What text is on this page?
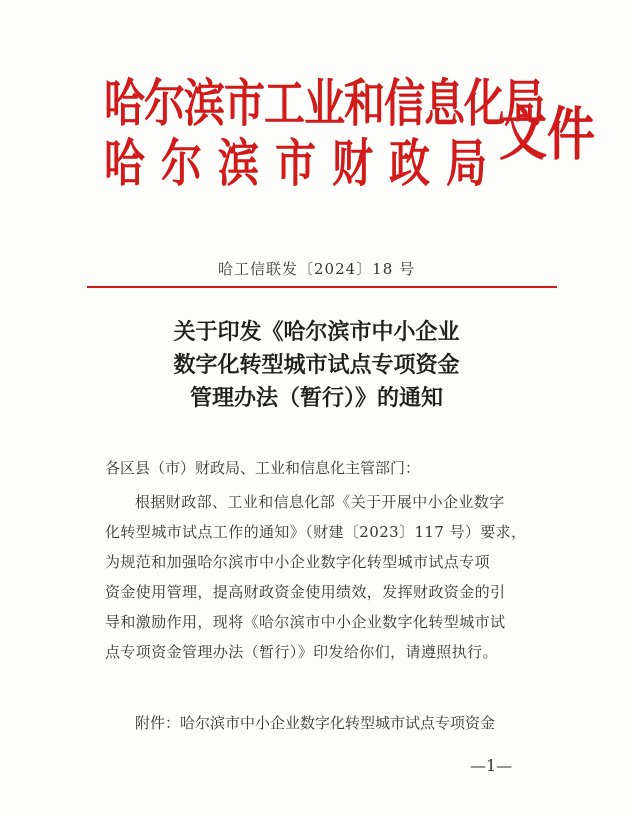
哈尔滨市工业和信息化局
哈尔滨市财政局
文件
哈工信联发〔2024〕18 号
关于印发《哈尔滨市中小企业
数字化转型城市试点专项资金
管理办法（暂行）》的通知
各区县（市）财政局、工业和信息化主管部门：
根据财政部、工业和信息化部《关于开展中小企业数字
化转型城市试点工作的通知》（财建〔2023〕117 号）要求，
为规范和加强哈尔滨市中小企业数字化转型城市试点专项
资金使用管理，提高财政资金使用绩效，发挥财政资金的引
导和激励作用，现将《哈尔滨市中小企业数字化转型城市试
点专项资金管理办法（暂行）》印发给你们，请遵照执行。
附件：哈尔滨市中小企业数字化转型城市试点专项资金
—1—
